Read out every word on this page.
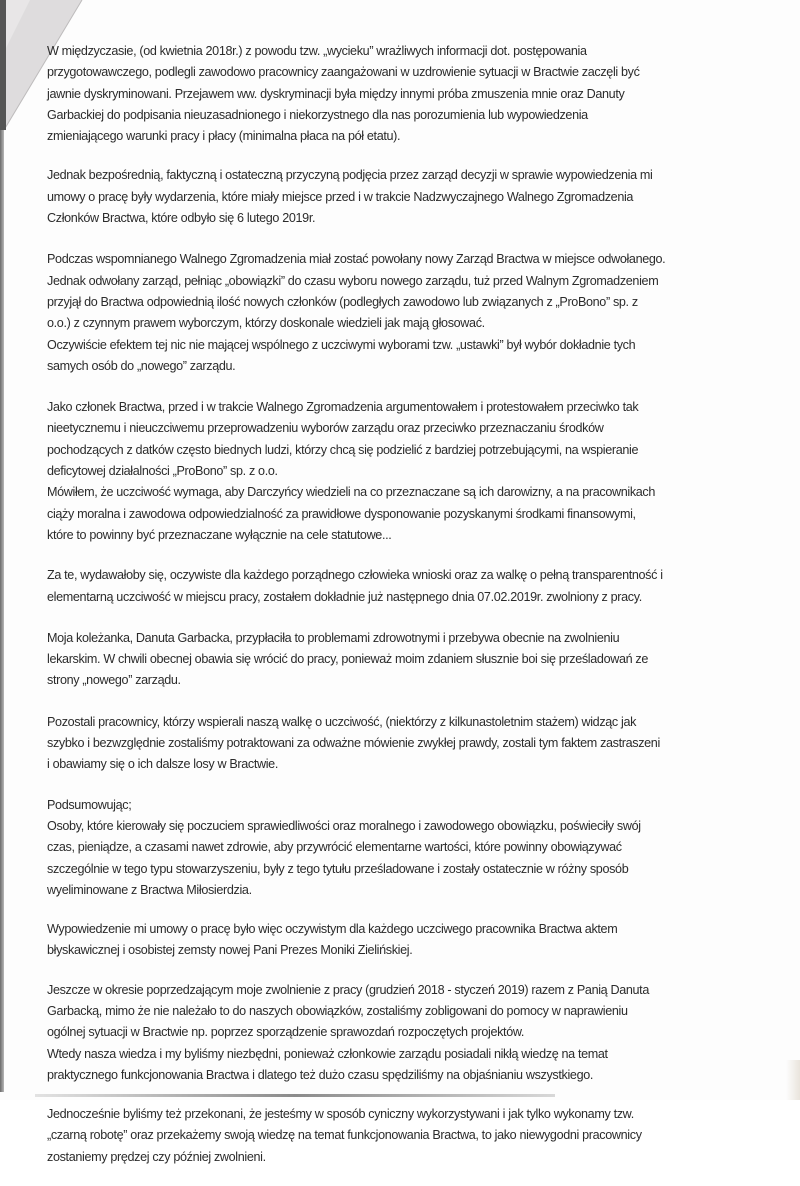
W międzyczasie, (od kwietnia 2018r.) z powodu tzw. „wycieku” wrażliwych informacji dot. postępowania
przygotowawczego, podlegli zawodowo pracownicy zaangażowani w uzdrowienie sytuacji w Bractwie zaczęli być
jawnie dyskryminowani. Przejawem ww. dyskryminacji była między innymi próba zmuszenia mnie oraz Danuty
Garbackiej do podpisania nieuzasadnionego i niekorzystnego dla nas porozumienia lub wypowiedzenia
zmieniającego warunki pracy i płacy (minimalna płaca na pół etatu).
Jednak bezpośrednią, faktyczną i ostateczną przyczyną podjęcia przez zarząd decyzji w sprawie wypowiedzenia mi
umowy o pracę były wydarzenia, które miały miejsce przed i w trakcie Nadzwyczajnego Walnego Zgromadzenia
Członków Bractwa, które odbyło się 6 lutego 2019r.
Podczas wspomnianego Walnego Zgromadzenia miał zostać powołany nowy Zarząd Bractwa w miejsce odwołanego.
Jednak odwołany zarząd, pełniąc „obowiązki” do czasu wyboru nowego zarządu, tuż przed Walnym Zgromadzeniem
przyjął do Bractwa odpowiednią ilość nowych członków (podległych zawodowo lub związanych z „ProBono” sp. z
o.o.) z czynnym prawem wyborczym, którzy doskonale wiedzieli jak mają głosować.
Oczywiście efektem tej nic nie mającej wspólnego z uczciwymi wyborami tzw. „ustawki” był wybór dokładnie tych
samych osób do „nowego” zarządu.
Jako członek Bractwa, przed i w trakcie Walnego Zgromadzenia argumentowałem i protestowałem przeciwko tak
nieetycznemu i nieuczciwemu przeprowadzeniu wyborów zarządu oraz przeciwko przeznaczaniu środków
pochodzących z datków często biednych ludzi, którzy chcą się podzielić z bardziej potrzebującymi, na wspieranie
deficytowej działalności „ProBono” sp. z o.o.
Mówiłem, że uczciwość wymaga, aby Darczyńcy wiedzieli na co przeznaczane są ich darowizny, a na pracownikach
ciąży moralna i zawodowa odpowiedzialność za prawidłowe dysponowanie pozyskanymi środkami finansowymi,
które to powinny być przeznaczane wyłącznie na cele statutowe...
Za te, wydawałoby się, oczywiste dla każdego porządnego człowieka wnioski oraz za walkę o pełną transparentność i
elementarną uczciwość w miejscu pracy, zostałem dokładnie już następnego dnia 07.02.2019r. zwolniony z pracy.
Moja koleżanka, Danuta Garbacka, przypłaciła to problemami zdrowotnymi i przebywa obecnie na zwolnieniu
lekarskim. W chwili obecnej obawia się wrócić do pracy, ponieważ moim zdaniem słusznie boi się prześladowań ze
strony „nowego” zarządu.
Pozostali pracownicy, którzy wspierali naszą walkę o uczciwość, (niektórzy z kilkunastoletnim stażem) widząc jak
szybko i bezwzględnie zostaliśmy potraktowani za odważne mówienie zwykłej prawdy, zostali tym faktem zastraszeni
i obawiamy się o ich dalsze losy w Bractwie.
Podsumowując;
Osoby, które kierowały się poczuciem sprawiedliwości oraz moralnego i zawodowego obowiązku, poświeciły swój
czas, pieniądze, a czasami nawet zdrowie, aby przywrócić elementarne wartości, które powinny obowiązywać
szczególnie w tego typu stowarzyszeniu, były z tego tytułu prześladowane i zostały ostatecznie w różny sposób
wyeliminowane z Bractwa Miłosierdzia.
Wypowiedzenie mi umowy o pracę było więc oczywistym dla każdego uczciwego pracownika Bractwa aktem
błyskawicznej i osobistej zemsty nowej Pani Prezes Moniki Zielińskiej.
Jeszcze w okresie poprzedzającym moje zwolnienie z pracy (grudzień 2018 - styczeń 2019) razem z Panią Danuta
Garbacką, mimo że nie należało to do naszych obowiązków, zostaliśmy zobligowani do pomocy w naprawieniu
ogólnej sytuacji w Bractwie np. poprzez sporządzenie sprawozdań rozpoczętych projektów.
Wtedy nasza wiedza i my byliśmy niezbędni, ponieważ członkowie zarządu posiadali nikłą wiedzę na temat
praktycznego funkcjonowania Bractwa i dlatego też dużo czasu spędziliśmy na objaśnianiu wszystkiego.
Jednocześnie byliśmy też przekonani, że jesteśmy w sposób cyniczny wykorzystywani i jak tylko wykonamy tzw.
„czarną robotę” oraz przekażemy swoją wiedzę na temat funkcjonowania Bractwa, to jako niewygodni pracownicy
zostaniemy prędzej czy później zwolnieni.
